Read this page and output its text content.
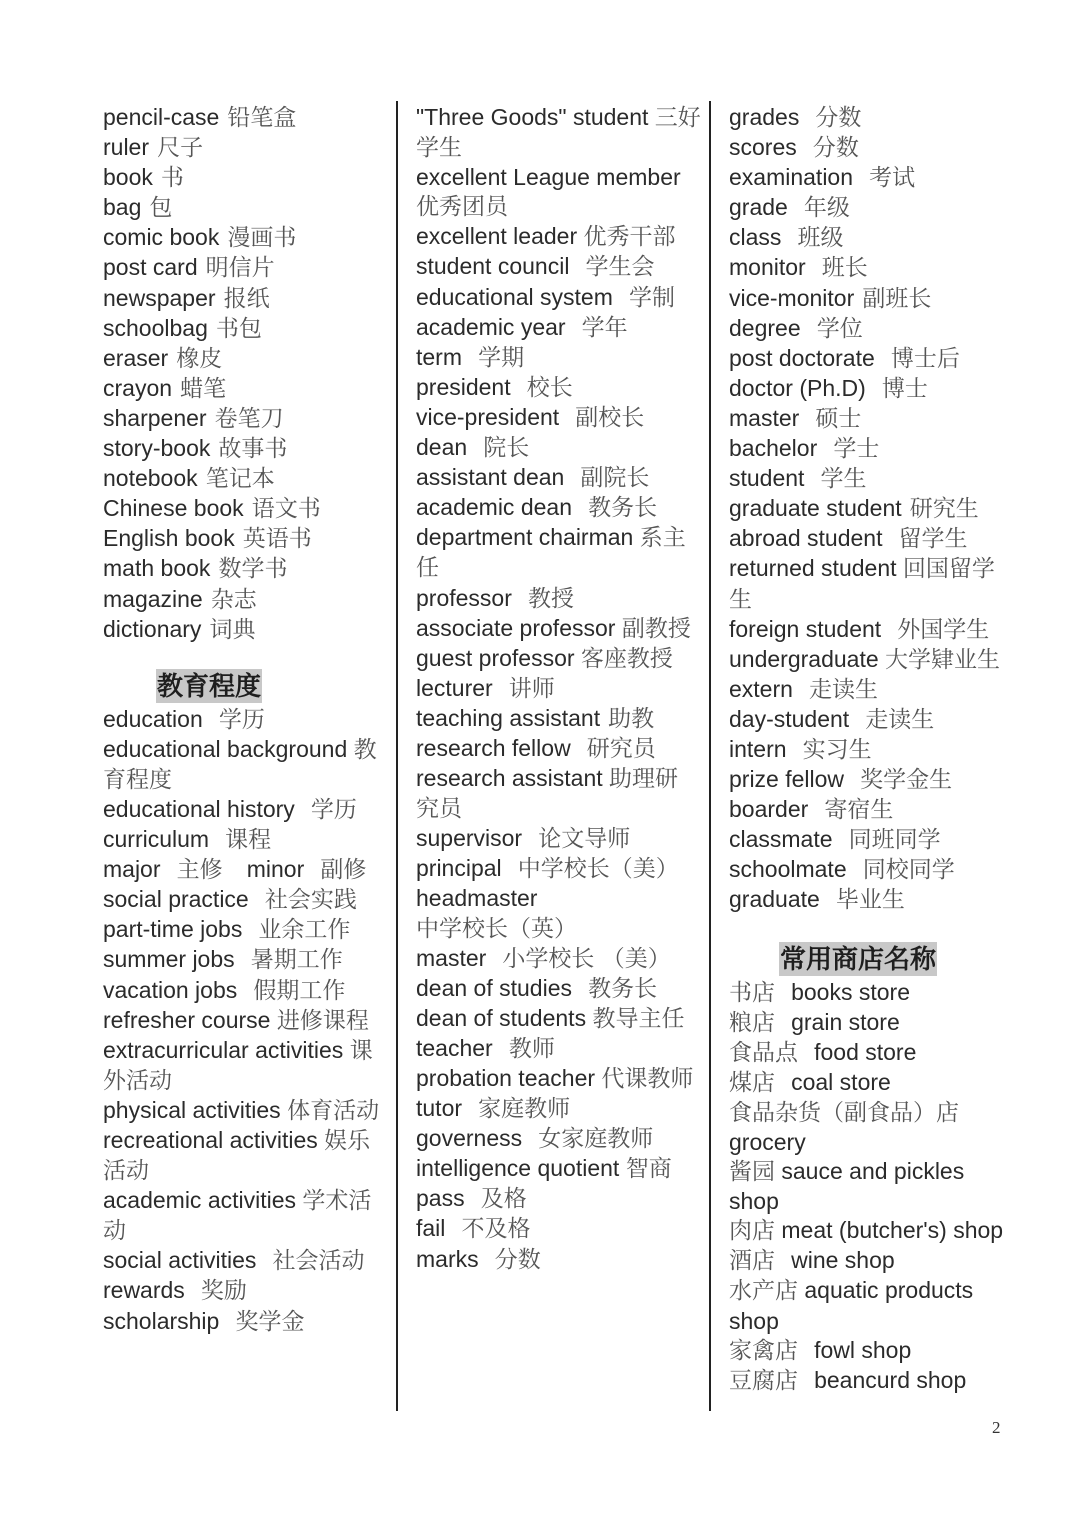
pencil-case 铅笔盒
ruler 尺子
book 书
bag 包
comic book 漫画书
post card 明信片
newspaper 报纸
schoolbag 书包
eraser 橡皮
crayon 蜡笔
sharpener 卷笔刀
story-book 故事书
notebook 笔记本
Chinese book 语文书
English book 英语书
math book 数学书
magazine 杂志
dictionary 词典
教育程度
education 学历
educational background 教育程度
educational history 学历
curriculum 课程
major 主修 minor 副修
social practice 社会实践
part-time jobs 业余工作
summer jobs 暑期工作
vacation jobs 假期工作
refresher course 进修课程
extracurricular activities 课外活动
physical activities 体育活动
recreational activities 娱乐活动
academic activities 学术活动
social activities 社会活动
rewards 奖励
scholarship 奖学金
"Three Goods" student 三好学生
excellent League member 优秀团员
excellent leader 优秀干部
student council 学生会
educational system 学制
academic year 学年
term 学期
president 校长
vice-president 副校长
dean 院长
assistant dean 副院长
academic dean 教务长
department chairman 系主任
professor 教授
associate professor 副教授
guest professor 客座教授
lecturer 讲师
teaching assistant 助教
research fellow 研究员
research assistant 助理研究员
supervisor 论文导师
principal 中学校长（美）
headmaster 中学校长（英）
master 小学校长 （美）
dean of studies 教务长
dean of students 教导主任
teacher 教师
probation teacher 代课教师
tutor 家庭教师
governess 女家庭教师
intelligence quotient 智商
pass 及格
fail 不及格
marks 分数
grades 分数
scores 分数
examination 考试
grade 年级
class 班级
monitor 班长
vice-monitor 副班长
degree 学位
post doctorate 博士后
doctor (Ph.D) 博士
master 硕士
bachelor 学士
student 学生
graduate student 研究生
abroad student 留学生
returned student 回国留学生
foreign student 外国学生
undergraduate 大学肄业生
extern 走读生
day-student 走读生
intern 实习生
prize fellow 奖学金生
boarder 寄宿生
classmate 同班同学
schoolmate 同校同学
graduate 毕业生
常用商店名称
书店 books store
粮店 grain store
食品点 food store
煤店 coal store
食品杂货（副食品）店 grocery
酱园 sauce and pickles shop
肉店 meat (butcher's) shop
酒店 wine shop
水产店 aquatic products shop
家禽店 fowl shop
豆腐店 beancurd shop
2
